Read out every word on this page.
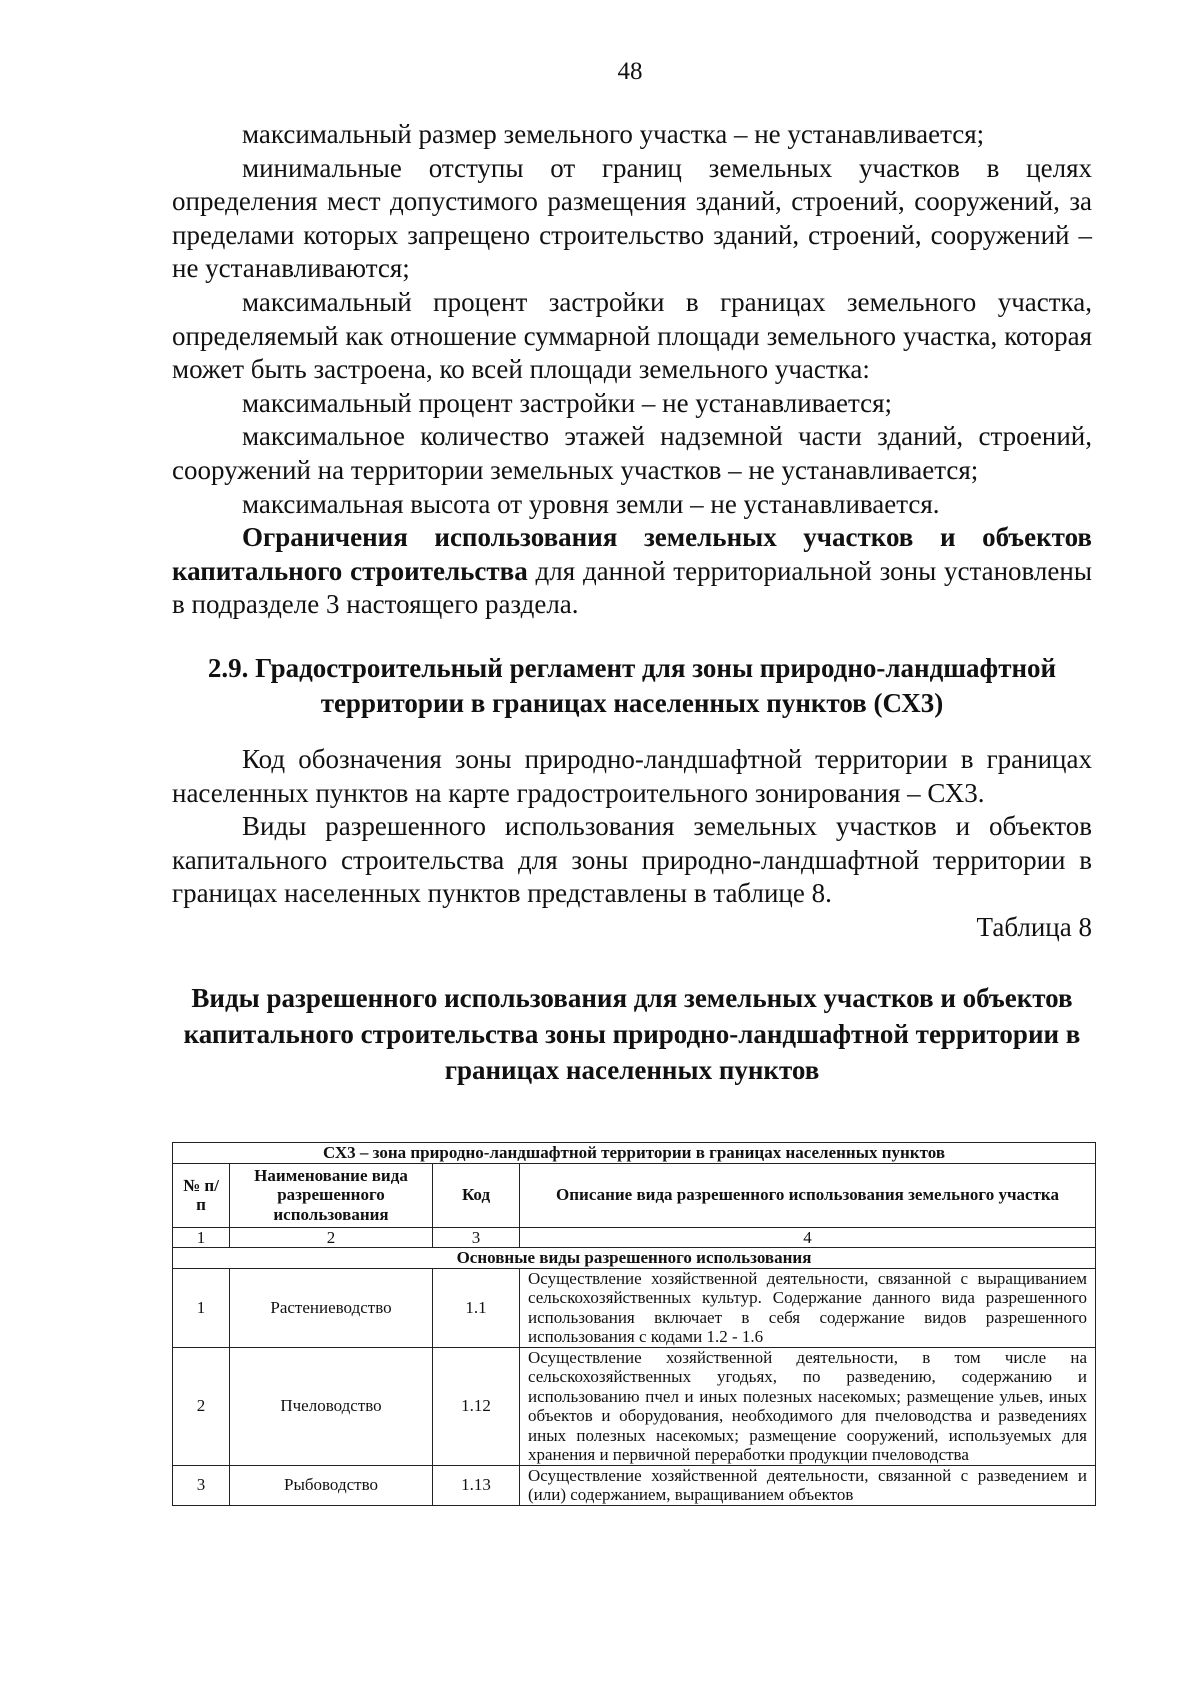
48

максимальный размер земельного участка – не устанавливается;

минимальные отступы от границ земельных участков в целях определения мест допустимого размещения зданий, строений, сооружений, за пределами которых запрещено строительство зданий, строений, сооружений – не устанавливаются;

максимальный процент застройки в границах земельного участка, определяемый как отношение суммарной площади земельного участка, которая может быть застроена, ко всей площади земельного участка:

максимальный процент застройки – не устанавливается;

максимальное количество этажей надземной части зданий, строений, сооружений на территории земельных участков – не устанавливается;

максимальная высота от уровня земли – не устанавливается.

Ограничения использования земельных участков и объектов капитального строительства для данной территориальной зоны установлены в подразделе 3 настоящего раздела.

2.9. Градостроительный регламент для зоны природно-ландшафтной территории в границах населенных пунктов (СХ3)

Код обозначения зоны природно-ландшафтной территории в границах населенных пунктов на карте градостроительного зонирования – СХ3.

Виды разрешенного использования земельных участков и объектов капитального строительства для зоны природно-ландшафтной территории в границах населенных пунктов представлены в таблице 8.

Таблица 8

Виды разрешенного использования для земельных участков и объектов капитального строительства зоны природно-ландшафтной территории в границах населенных пунктов
СХ3 – зона природно-ландшафтной территории в границах населенных пунктов			
№ п/п	Наименование вида разрешенного использования	Код	Описание вида разрешенного использования земельного участка
1	2	3	4
Основные виды разрешенного использования			
1	Растениеводство	1.1	Осуществление хозяйственной деятельности, связанной с выращиванием сельскохозяйственных культур. Содержание данного вида разрешенного использования включает в себя содержание видов разрешенного использования с кодами 1.2 - 1.6
2	Пчеловодство	1.12	Осуществление хозяйственной деятельности, в том числе на сельскохозяйственных угодьях, по разведению, содержанию и использованию пчел и иных полезных насекомых; размещение ульев, иных объектов и оборудования, необходимого для пчеловодства и разведениях иных полезных насекомых; размещение сооружений, используемых для хранения и первичной переработки продукции пчеловодства
3	Рыбоводство	1.13	Осуществление хозяйственной деятельности, связанной с разведением и (или) содержанием, выращиванием объектов
